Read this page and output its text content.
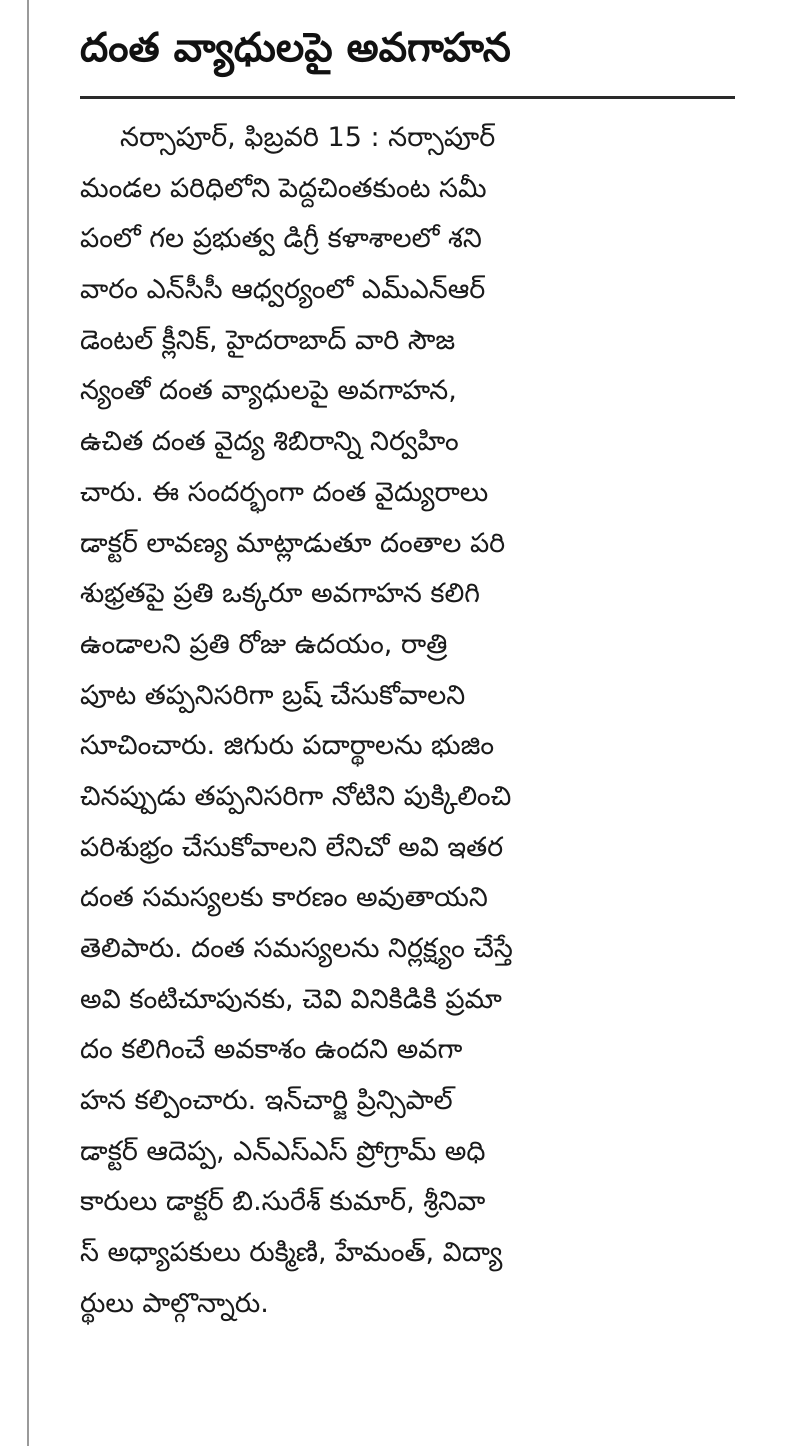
దంత వ్యాధులపై అవగాహన
నర్సాపూర్, ఫిబ్రవరి 15 : నర్సాపూర్
మండల పరిధిలోని పెద్దచింతకుంట సమీ
పంలో గల ప్రభుత్వ డిగ్రీ కళాశాలలో శని
వారం ఎన్‌సీసీ ఆధ్వర్యంలో ఎమ్ఎన్ఆర్
డెంటల్ క్లీనిక్, హైదరాబాద్ వారి సౌజ
న్యంతో దంత వ్యాధులపై అవగాహన,
ఉచిత దంత వైద్య శిబిరాన్ని నిర్వహిం
చారు. ఈ సందర్భంగా దంత వైద్యురాలు
డాక్టర్ లావణ్య మాట్లాడుతూ దంతాల పరి
శుభ్రతపై ప్రతి ఒక్కరూ అవగాహన కలిగి
ఉండాలని ప్రతి రోజు ఉదయం, రాత్రి
పూట తప్పనిసరిగా బ్రష్ చేసుకోవాలని
సూచించారు. జిగురు పదార్థాలను భుజిం
చినప్పుడు తప్పనిసరిగా నోటిని పుక్కిలించి
పరిశుభ్రం చేసుకోవాలని లేనిచో అవి ఇతర
దంత సమస్యలకు కారణం అవుతాయని
తెలిపారు. దంత సమస్యలను నిర్లక్ష్యం చేస్తే
అవి కంటిచూపునకు, చెవి వినికిడికి ప్రమా
దం కలిగించే అవకాశం ఉందని అవగా
హన కల్పించారు. ఇన్‌చార్జి ప్రిన్సిపాల్
డాక్టర్ ఆదెప్ప, ఎన్ఎస్ఎస్ ప్రోగ్రామ్ అధి
కారులు డాక్టర్ బి.సురేశ్ కుమార్, శ్రీనివా
స్ అధ్యాపకులు రుక్మిణి, హేమంత్, విద్యా
ర్థులు పాల్గొన్నారు.
